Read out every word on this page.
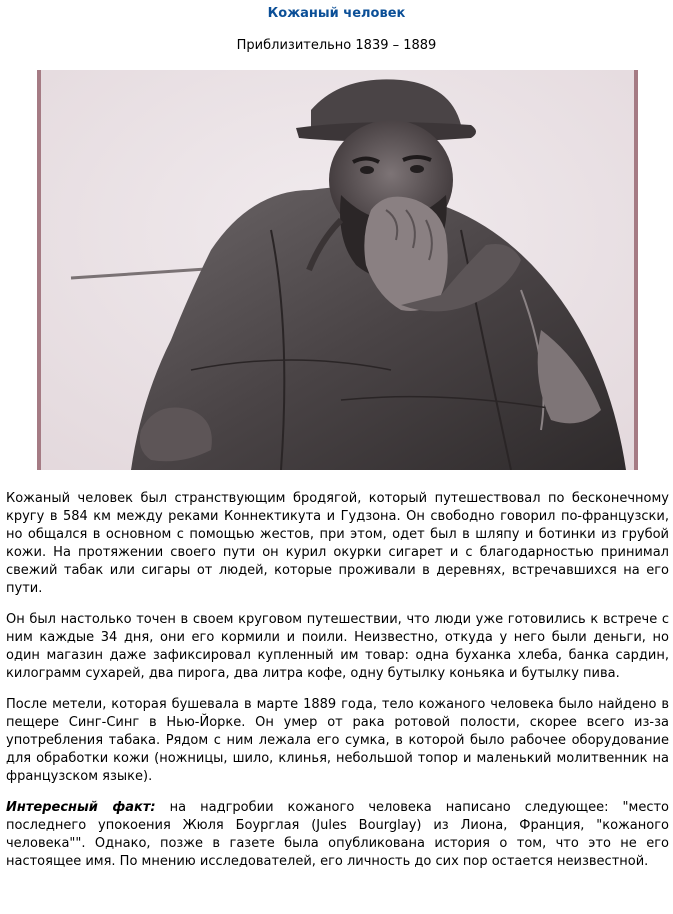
Кожаный человек
Приблизительно 1839 – 1889

Кожаный человек был странствующим бродягой, который путешествовал по бесконечному кругу в 584 км между реками Коннектикута и Гудзона. Он свободно говорил по-французски, но общался в основном с помощью жестов, при этом, одет был в шляпу и ботинки из грубой кожи. На протяжении своего пути он курил окурки сигарет и с благодарностью принимал свежий табак или сигары от людей, которые проживали в деревнях, встречавшихся на его пути.

Он был настолько точен в своем круговом путешествии, что люди уже готовились к встрече с ним каждые 34 дня, они его кормили и поили. Неизвестно, откуда у него были деньги, но один магазин даже зафиксировал купленный им товар: одна буханка хлеба, банка сардин, килограмм сухарей, два пирога, два литра кофе, одну бутылку коньяка и бутылку пива.

После метели, которая бушевала в марте 1889 года, тело кожаного человека было найдено в пещере Синг-Синг в Нью-Йорке. Он умер от рака ротовой полости, скорее всего из-за употребления табака. Рядом с ним лежала его сумка, в которой было рабочее оборудование для обработки кожи (ножницы, шило, клинья, небольшой топор и маленький молитвенник на французском языке).

Интересный факт: на надгробии кожаного человека написано следующее: "место последнего упокоения Жюля Боурглая (Jules Bourglay) из Лиона, Франция, "кожаного человека"". Однако, позже в газете была опубликована история о том, что это не его настоящее имя. По мнению исследователей, его личность до сих пор остается неизвестной.
